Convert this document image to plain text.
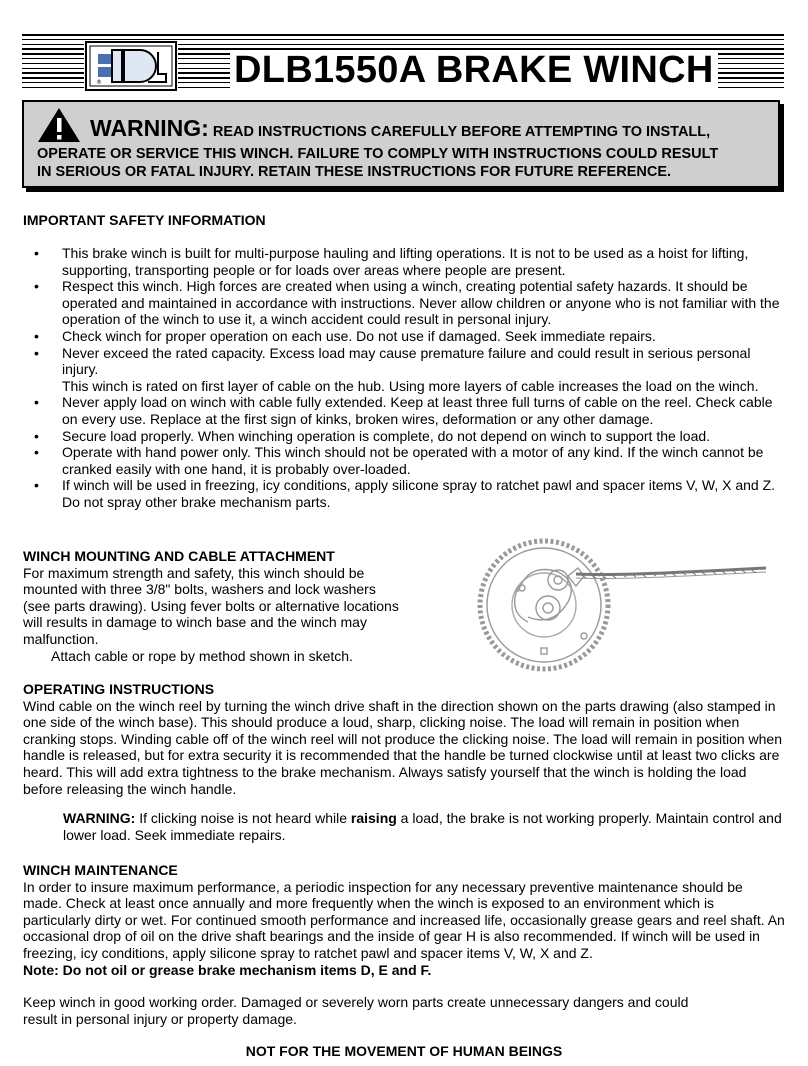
®	DLB1550A BRAKE WINCH
WARNING: READ INSTRUCTIONS CAREFULLY BEFORE ATTEMPTING TO INSTALL,
OPERATE OR SERVICE THIS WINCH. FAILURE TO COMPLY WITH INSTRUCTIONS COULD RESULT
IN SERIOUS OR FATAL INJURY. RETAIN THESE INSTRUCTIONS FOR FUTURE REFERENCE.
IMPORTANT SAFETY INFORMATION
• This brake winch is built for multi-purpose hauling and lifting operations. It is not to be used as a hoist for lifting, supporting, transporting people or for loads over areas where people are present.
• Respect this winch. High forces are created when using a winch, creating potential safety hazards. It should be operated and maintained in accordance with instructions. Never allow children or anyone who is not familiar with the operation of the winch to use it, a winch accident could result in personal injury.
• Check winch for proper operation on each use. Do not use if damaged. Seek immediate repairs.
• Never exceed the rated capacity. Excess load may cause premature failure and could result in serious personal injury.
This winch is rated on first layer of cable on the hub. Using more layers of cable increases the load on the winch.
• Never apply load on winch with cable fully extended. Keep at least three full turns of cable on the reel. Check cable on every use. Replace at the first sign of kinks, broken wires, deformation or any other damage.
• Secure load properly. When winching operation is complete, do not depend on winch to support the load.
• Operate with hand power only. This winch should not be operated with a motor of any kind. If the winch cannot be cranked easily with one hand, it is probably over-loaded.
• If winch will be used in freezing, icy conditions, apply silicone spray to ratchet pawl and spacer items V, W, X and Z. Do not spray other brake mechanism parts.
WINCH MOUNTING AND CABLE ATTACHMENT

For maximum strength and safety, this winch should be

mounted with three 3/8" bolts, washers and lock washers

(see parts drawing). Using fever bolts or alternative locations

will results in damage to winch base and the winch may

malfunction.

Attach cable or rope by method shown in sketch.

OPERATING INSTRUCTIONS

Wind cable on the winch reel by turning the winch drive shaft in the direction shown on the parts drawing (also stamped in one side of the winch base). This should produce a loud, sharp, clicking noise. The load will remain in position when cranking stops. Winding cable off of the winch reel will not produce the clicking noise. The load will remain in position when handle is released, but for extra security it is recommended that the handle be turned clockwise until at least two clicks are heard. This will add extra tightness to the brake mechanism. Always satisfy yourself that the winch is holding the load before releasing the winch handle.

WARNING: If clicking noise is not heard while raising a load, the brake is not working properly. Maintain control and lower load. Seek immediate repairs.

WINCH MAINTENANCE

In order to insure maximum performance, a periodic inspection for any necessary preventive maintenance should be made. Check at least once annually and more frequently when the winch is exposed to an environment which is particularly dirty or wet. For continued smooth performance and increased life, occasionally grease gears and reel shaft. An occasional drop of oil on the drive shaft bearings and the inside of gear H is also recommended. If winch will be used in freezing, icy conditions, apply silicone spray to ratchet pawl and spacer items V, W, X and Z.

Note: Do not oil or grease brake mechanism items D, E and F.

Keep winch in good working order. Damaged or severely worn parts create unnecessary dangers and could result in personal injury or property damage.

NOT FOR THE MOVEMENT OF HUMAN BEINGS
